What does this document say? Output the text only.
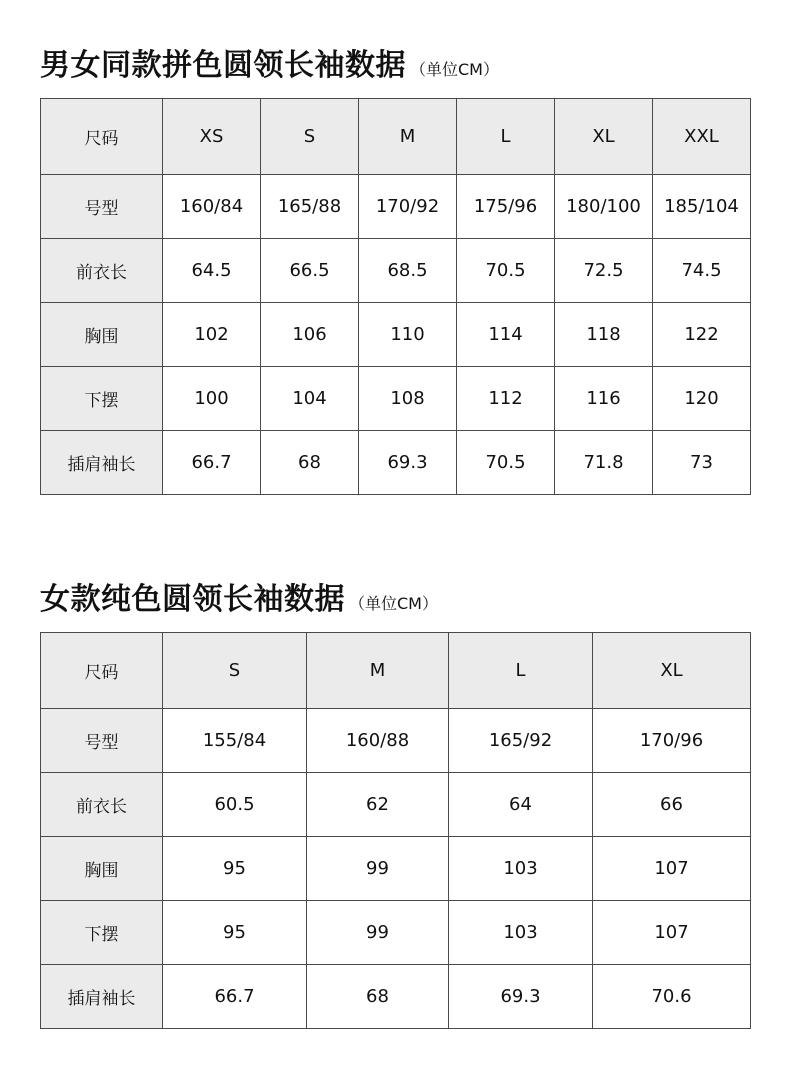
男女同款拼色圆领长袖数据 （单位CM）
尺码	XS	S	M	L	XL	XXL
号型	160/84	165/88	170/92	175/96	180/100	185/104
前衣长	64.5	66.5	68.5	70.5	72.5	74.5
胸围	102	106	110	114	118	122
下摆	100	104	108	112	116	120
插肩袖长	66.7	68	69.3	70.5	71.8	73
女款纯色圆领长袖数据 （单位CM）
尺码	S	M	L	XL
号型	155/84	160/88	165/92	170/96
前衣长	60.5	62	64	66
胸围	95	99	103	107
下摆	95	99	103	107
插肩袖长	66.7	68	69.3	70.6
